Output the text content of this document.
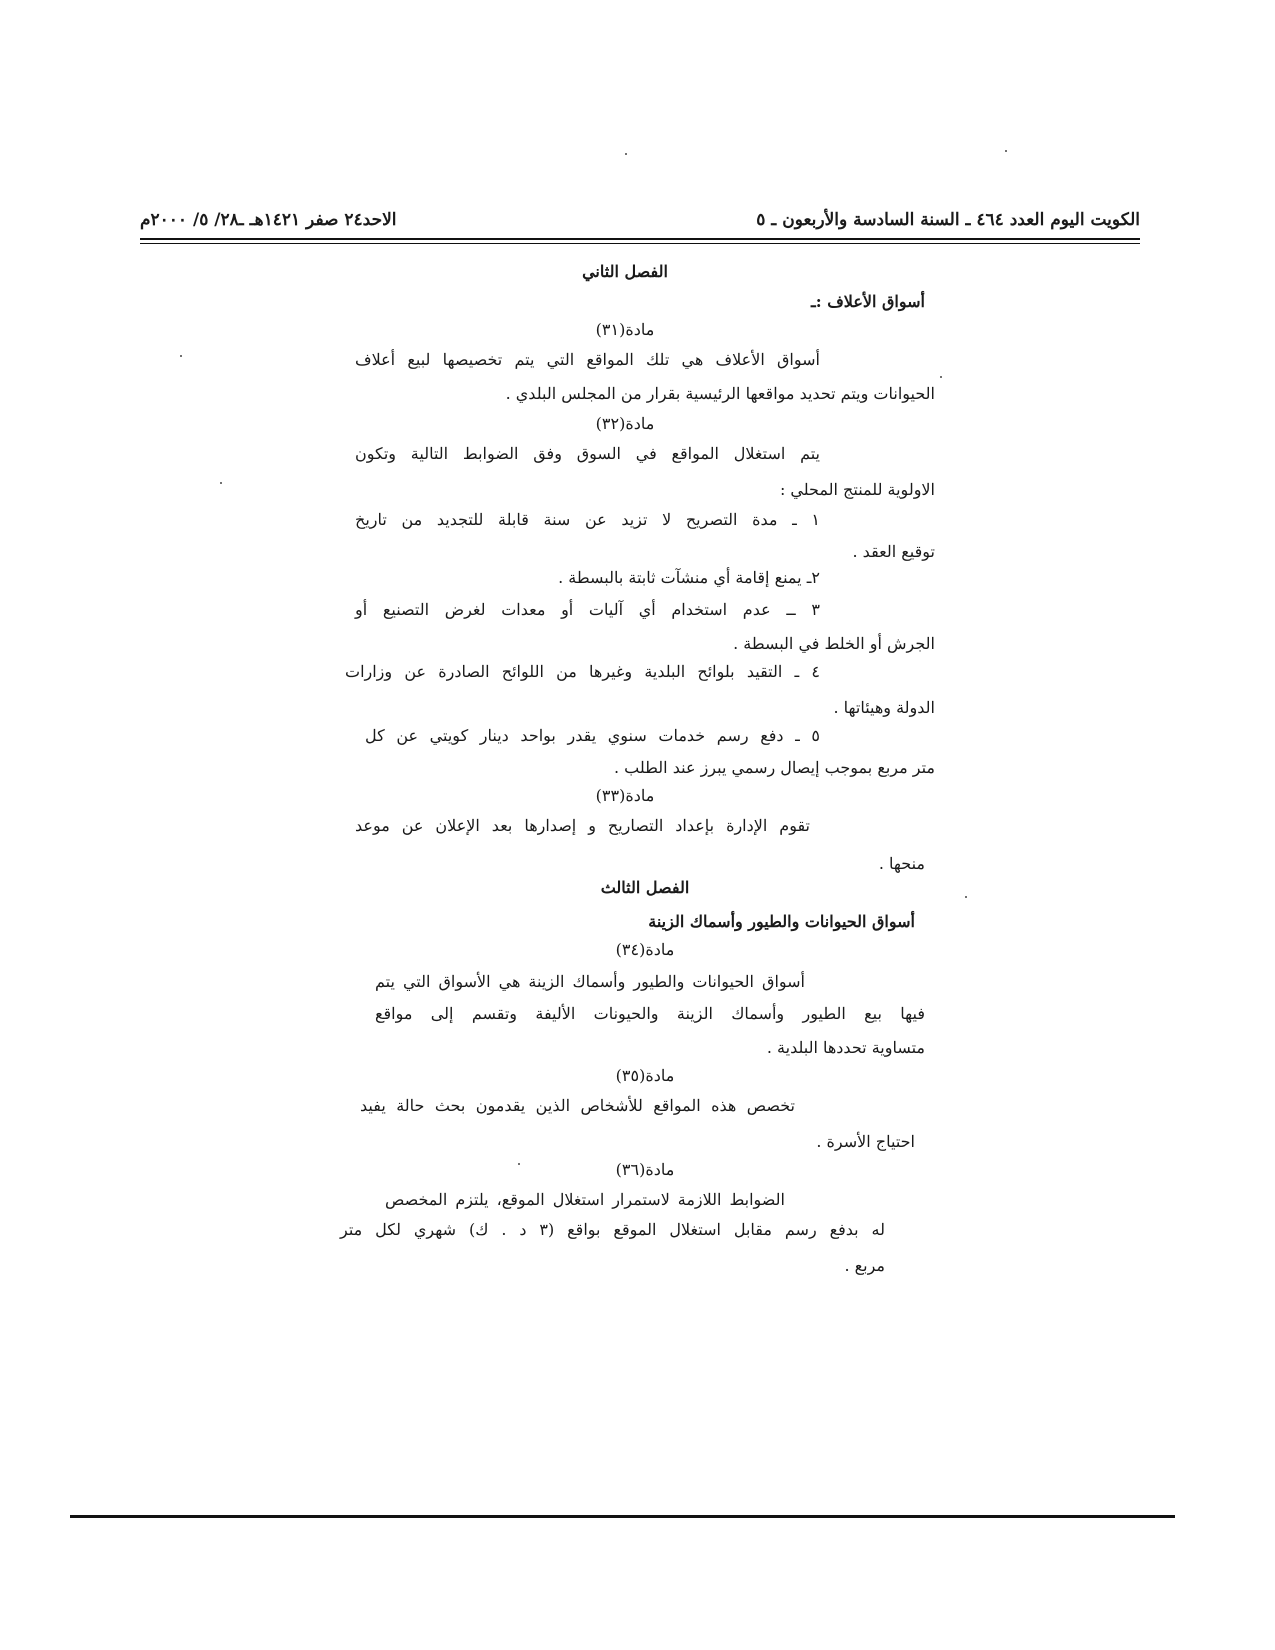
الكويت اليوم العدد ٤٦٤ ـ السنة السادسة والأربعون ـ ٥
الاحد٢٤ صفر ١٤٢١هـ ـ٢٨/ ٥/ ٢٠٠٠م
الفصل الثاني
أسواق الأعلاف :ـ
مادة(٣١)
أسواق الأعلاف هي تلك المواقع التي يتم تخصيصها لبيع أعلاف
الحيوانات ويتم تحديد مواقعها الرئيسية بقرار من المجلس البلدي .
مادة(٣٢)
يتم استغلال المواقع في السوق وفق الضوابط التالية وتكون
الاولوية للمنتج المحلي :
١ ـ مدة التصريح لا تزيد عن سنة قابلة للتجديد من تاريخ
توقيع العقد .
٢ـ يمنع إقامة أي منشآت ثابتة بالبسطة .
٣ ــ عدم استخدام أي آليات أو معدات لغرض التصنيع أو
الجرش أو الخلط في البسطة .
٤ ـ التقيد بلوائح البلدية وغيرها من اللوائح الصادرة عن وزارات
الدولة وهيئاتها .
٥ ـ دفع رسم خدمات سنوي يقدر بواحد دينار كويتي عن كل
متر مربع بموجب إيصال رسمي يبرز عند الطلب .
مادة(٣٣)
تقوم الإدارة بإعداد التصاريح و إصدارها بعد الإعلان عن موعد
منحها .
الفصل الثالث
أسواق الحيوانات والطيور وأسماك الزينة
مادة(٣٤)
أسواق الحيوانات والطيور وأسماك الزينة هي الأسواق التي يتم
فيها بيع الطيور وأسماك الزينة والحيونات الأليفة وتقسم إلى مواقع
متساوية تحددها البلدية .
مادة(٣٥)
تخصص هذه المواقع للأشخاص الذين يقدمون بحث حالة يفيد
احتياج الأسرة .
مادة(٣٦)
الضوابط اللازمة لاستمرار استغلال الموقع، يلتزم المخصص
له بدفع رسم مقابل استغلال الموقع بواقع (٣ د . ك) شهري لكل متر
مربع .
